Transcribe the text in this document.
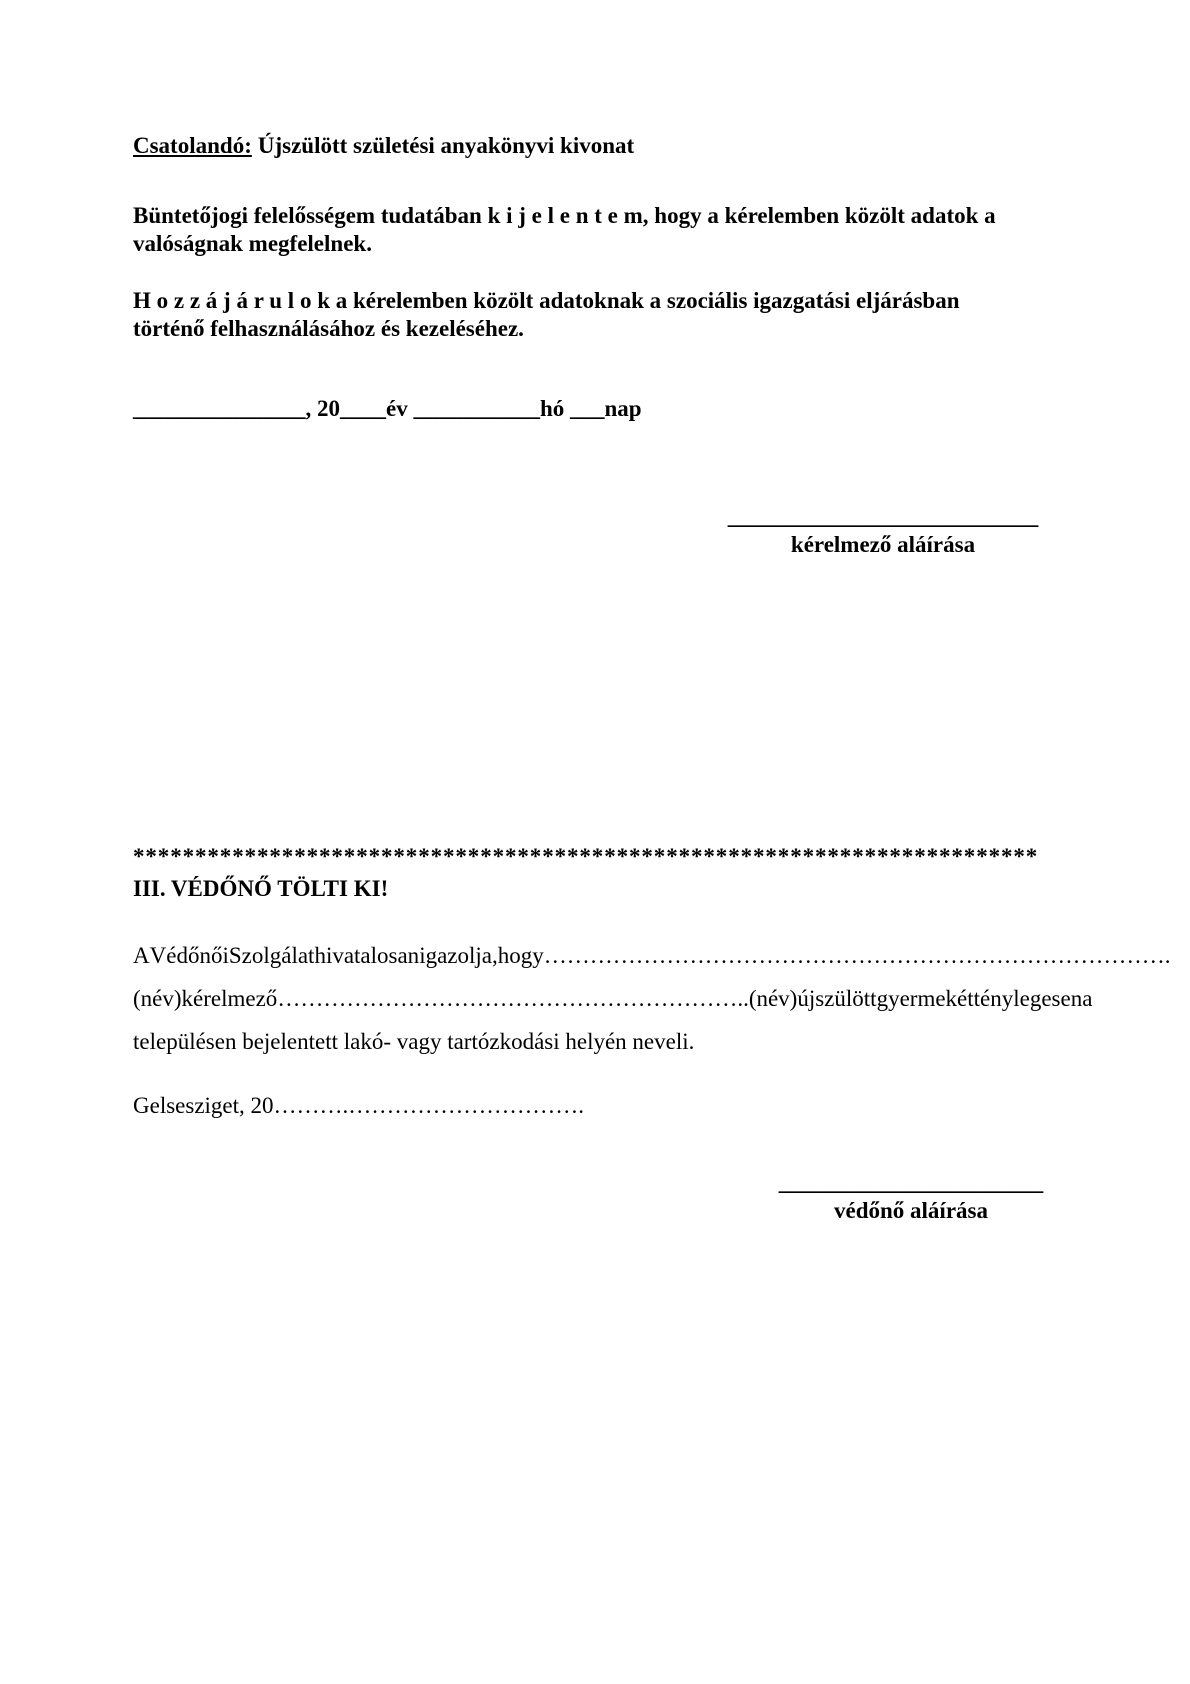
Csatolandó: Újszülött születési anyakönyvi kivonat
Büntetőjogi felelősségem tudatában k i j e l e n t e m, hogy a kérelemben közölt adatok a
valóságnak megfelelnek.
H o z z á j á r u l o k a kérelemben közölt adatoknak a szociális igazgatási eljárásban
történő felhasználásához és kezeléséhez.
_______________, 20____év ___________hó ___nap
___________________________
kérelmező aláírása
*************************************************************************
III. VÉDŐNŐ TÖLTI KI!
A Védőnői Szolgálat hivatalosan igazolja, hogy ……………………………………………………………………….
(név) kérelmező …………………………………………………….. (név) újszülött gyermekét ténylegesen a
településen bejelentett lakó- vagy tartózkodási helyén neveli.
Gelsesziget, 20……….………………………….
_______________________
védőnő aláírása
